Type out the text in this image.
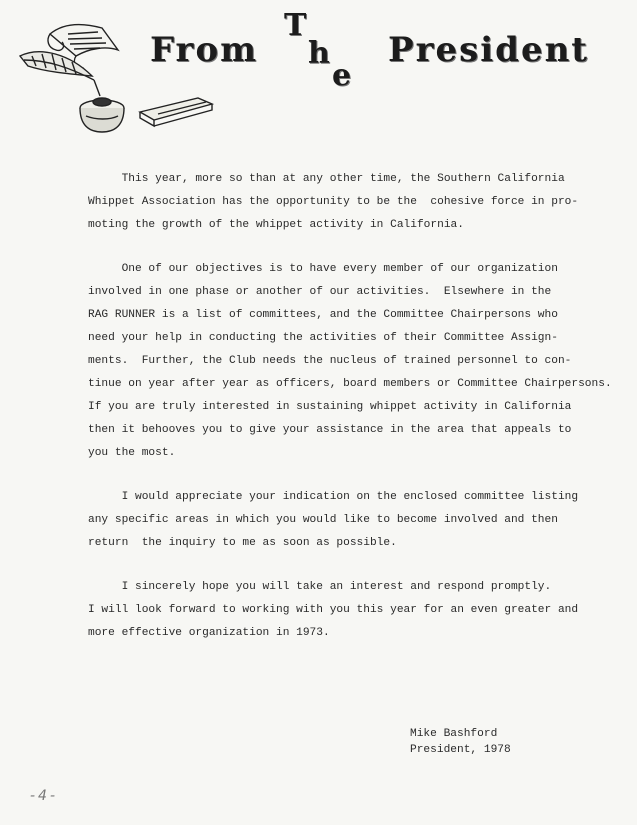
From
T
h
e
President

This year, more so than at any other time, the Southern California
Whippet Association has the opportunity to be the  cohesive force in pro-
moting the growth of the whippet activity in California.

One of our objectives is to have every member of our organization
involved in one phase or another of our activities.  Elsewhere in the
RAG RUNNER is a list of committees, and the Committee Chairpersons who
need your help in conducting the activities of their Committee Assign-
ments.  Further, the Club needs the nucleus of trained personnel to con-
tinue on year after year as officers, board members or Committee Chairpersons.
If you are truly interested in sustaining whippet activity in California
then it behooves you to give your assistance in the area that appeals to
you the most.

I would appreciate your indication on the enclosed committee listing
any specific areas in which you would like to become involved and then
return  the inquiry to me as soon as possible.

I sincerely hope you will take an interest and respond promptly.
I will look forward to working with you this year for an even greater and
more effective organization in 1973.

Mike Bashford
President, 1978
-4-
